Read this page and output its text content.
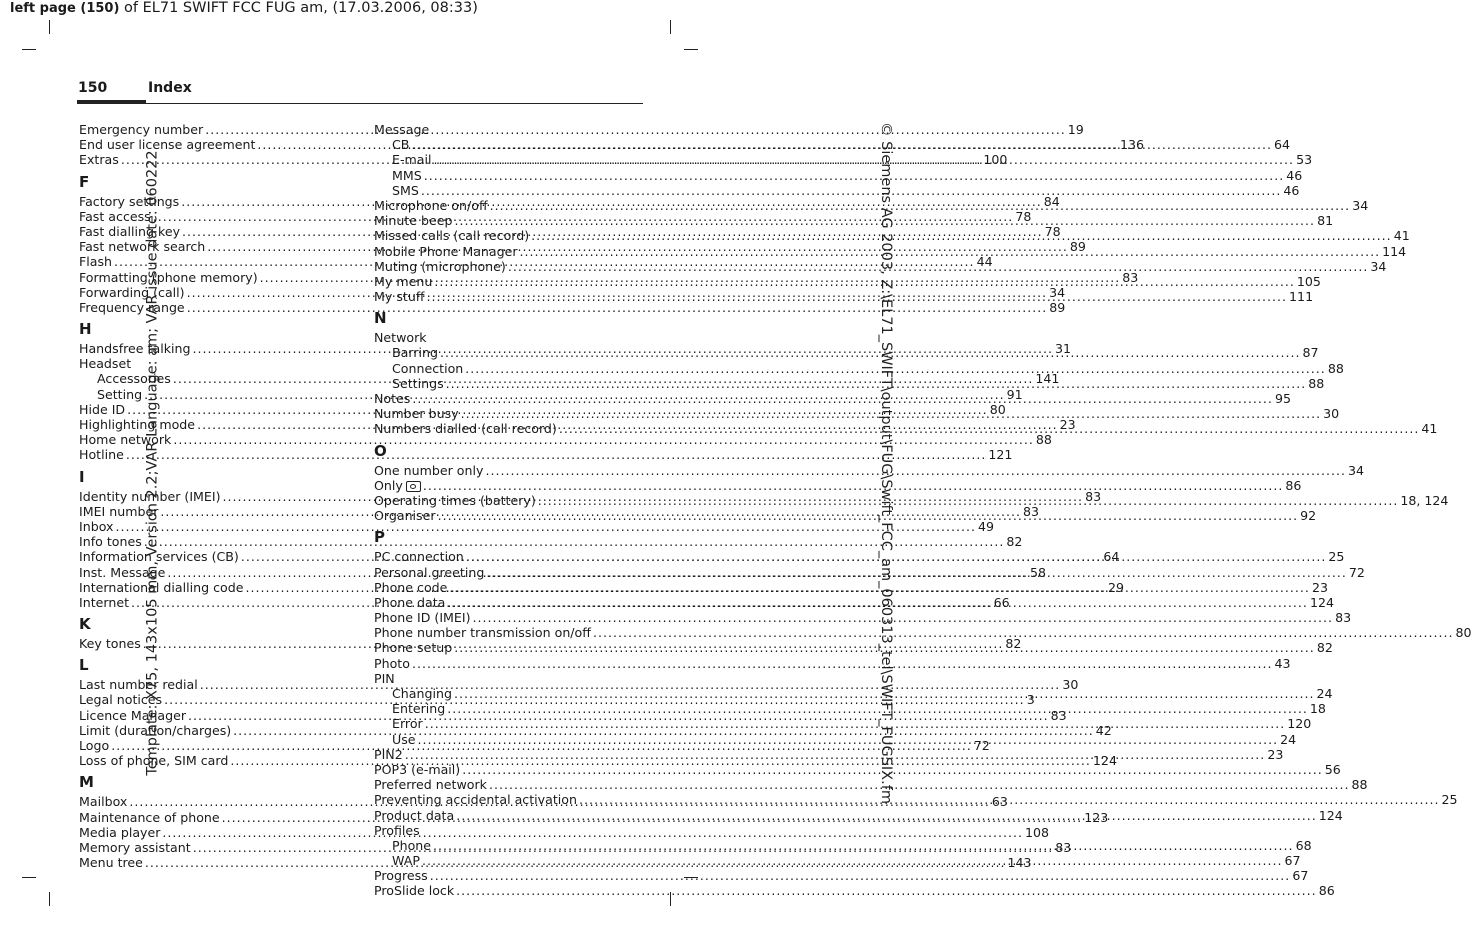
left page (150) of EL71 SWIFT FCC FUG am, (17.03.2006, 08:33)
Template: X75, 143x105 mm, Version 2.2;VAR Language: am; VAR issue date: 060222	© Siemens AG 2003, Z:\EL71_SWIFT\output\FUG\Swift_FCC_am_060313_tel\SWIFT_FUGSIX.fm
150	Index
Emergency number .....	19
End user license agreement .....	136
Extras .....	100
F
Factory settings .....	84
Fast access .....	78
Fast dialling key .....	78
Fast network search .....	89
Flash .....	44
Formatting (phone memory) .....	83
Forwarding (call) .....	34
Frequency range .....	89
H
Handsfree talking .....	31
Headset
Accessories .....	141
Setting .....	91
Hide ID .....	80
Highlighting mode .....	23
Home network .....	88
Hotline .....	121
I
Identity number (IMEI) .....	83
IMEI number .....	83
Inbox .....	49
Info tones .....	82
Information services (CB) .....	64
Inst. Message .....	58
International dialling code .....	29
Internet .....	66
K
Key tones .....	82
L
Last number redial .....	30
Legal notices .....	3
Licence Manager .....	83
Limit (duration/charges) .....	42
Logo .....	72
Loss of phone, SIM card .....	124
M
Mailbox .....	63
Maintenance of phone .....	123
Media player .....	108
Memory assistant .....	83
Menu tree .....	143
Message
CB .....	64
E-mail .....	53
MMS .....	46
SMS .....	46
Microphone on/off .....	34
Minute beep .....	81
Missed calls (call record) .....	41
Mobile Phone Manager .....	114
Muting (microphone) .....	34
My menu .....	105
My stuff .....	111
N
Network
Barring .....	87
Connection .....	88
Settings .....	88
Notes .....	95
Number busy .....	30
Numbers dialled (call record) .....	41
O
One number only .....	34
Only .....	86
Operating times (battery) .....	18, 124
Organiser .....	92
P
PC connection .....	25
Personal greeting .....	72
Phone code .....	23
Phone data .....	124
Phone ID (IMEI) .....	83
Phone number transmission on/off .....	80
Phone setup .....	82
Photo .....	43
PIN
Changing .....	24
Entering .....	18
Error .....	120
Use .....	24
PIN2 .....	23
POP3 (e-mail) .....	56
Preferred network .....	88
Preventing accidental activation .....	25
Product data .....	124
Profiles
Phone .....	68
WAP .....	67
Progress .....	67
ProSlide lock .....	86
